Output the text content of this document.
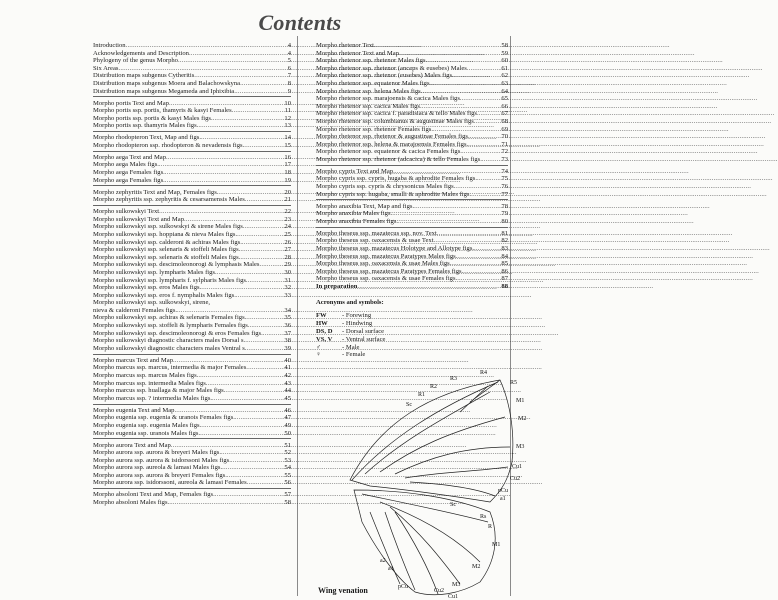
Contents
Introduction .....	4
Acknowledgements and Description .....	4
Phylogeny of the genus Morpho .....	5
Six Areas .....	6
Distribution maps subgenus Cytheritis .....	7
Distribution maps subgenus Moera and Balachowskyna .....	8
Distribution maps subgenus Megameda and Iphixibia .....	9
Morpho portis Text and Map .....	10
Morpho portis ssp. portis, thamyris & kasyi Females .....	11
Morpho portis ssp. portis & kasyi Males figs. .....	12
Morpho portis ssp. thamyris Males figs. .....	13
Morpho rhodopteron Text, Map and figs. .....	14
Morpho rhodopteron ssp. rhodopteron & nevadensis figs. .....	15
Morpho aega Text and Map .....	16
Morpho aega Males figs. .....	17
Morpho aega Females figs. .....	18
Morpho aega Females figs. .....	19
Morpho zephyritis Text and Map, Females figs. .....	20
Morpho zephyritis ssp. zephyritis & cesarsamensis Males .....	21
Morpho sulkowskyi Text .....	22
Morpho sulkowskyi Text and Map .....	23
Morpho sulkowskyi ssp. sulkowskyi & sirene Males figs. .....	24
Morpho sulkowskyi ssp. hoppiana & nieva Males figs. .....	25
Morpho sulkowskyi ssp. calderoni & achiras Males figs. .....	26
Morpho sulkowskyi ssp. selenaris & stoffeli Males figs. .....	27
Morpho sulkowskyi ssp. selenaris & stoffeli Males figs. .....	28
Morpho sulkowskyi ssp. descimoleonorogi & lymphasis Males .....	29
Morpho sulkowskyi ssp. lympharis Males figs. .....	30
Morpho sulkowskyi ssp. lympharis f. sylpharis Males figs. .....	31
Morpho sulkowskyi ssp. eros Males figs. .....	32
Morpho sulkowskyi ssp. eros f. nymphalis Males figs. .....	33
Morpho sulkowskyi ssp. sulkowskyi, sirene,
nieva & calderoni Females figs. .....	34
Morpho sulkowskyi ssp. achiras & selenaris Females figs. .....	35
Morpho sulkowskyi ssp. stoffeli & lympharis Females figs. .....	36
Morpho sulkowskyi ssp. descimoleonorogi & eros Females figs. .....	37
Morpho sulkowskyi diagnostic characters males Dorsal s. .....	38
Morpho sulkowskyi diagnostic characters males Ventral s. .....	39
Morpho marcus Text and Map .....	40
Morpho marcus ssp. marcus, intermedia & major Females .....	41
Morpho marcus ssp. marcus Males figs. .....	42
Morpho marcus ssp. intermedia Males figs. .....	43
Morpho marcus ssp. huallaga & major Males figs. .....	44
Morpho marcus ssp. ? intermedia Males figs. .....	45
Morpho eugenia Text and Map .....	46
Morpho eugenia ssp. eugenia & uranois Females figs. .....	47
Morpho eugenia ssp. eugenia Males figs. .....	49
Morpho eugenia ssp. uranois Males figs. .....	50
Morpho aurora Text and Map .....	51
Morpho aurora ssp. aurora & breyeri Males figs. .....	52
Morpho aurora ssp. aurora & isidorssoni Males figs. .....	53
Morpho aurora ssp. aureola & lamasi Males figs. .....	54
Morpho aurora ssp. aurora & breyeri Females figs. .....	55
Morpho aurora ssp. isidorssoni, aureola & lamasi Females .....	56
Morpho absoloni Text and Map, Females figs. .....	57
Morpho absoloni Males figs. .....	58
Morpho rhetenor Text .....	58
Morpho rhetenor Text and Map .....	59
Morpho rhetenor ssp. rhetenor Males figs. .....	60
Morpho rhetenor ssp. rhetenor (anceps & eusebes) Males .....	61
Morpho rhetenor ssp. rhetenor (eusebes) Males figs. .....	62
Morpho rhetenor ssp. equatenor Males figs. .....	63
Morpho rhetenor ssp. helena Males figs. .....	64
Morpho rhetenor ssp. marajoensis & cacica Males figs. .....	65
Morpho rhetenor ssp. cacica Males figs. .....	66
Morpho rhetenor ssp. cacica f. paradisiaca & tello Males figs. .....	67
Morpho rhetenor ssp. columbianus & augustinae Males figs. .....	68
Morpho rhetenor ssp. rhetenor Females figs. .....	69
Morpho rhetenor ssp. rhetenor & augustinae Females figs. .....	70
Morpho rhetenor ssp. helena & marajoensis Females figs. .....	71
Morpho rhetenor ssp. equatenor & cacica Females figs. .....	72
Morpho rhetenor ssp. rhetenor (adcacica) & tello Females figs. .....	73
Morpho cypris Text and Map .....	74
Morpho cypris ssp. cypris, hugaba & aphrodite Females figs. .....	75
Morpho cypris ssp. cypris & chrysonicus Males figs. .....	76
Morpho cypris ssp. hugaba, smalli & aphrodite Males figs. .....	77
Morpho anaxibia Text, Map and figs. .....	78
Morpho anaxibia Males figs. .....	79
Morpho anaxibia Females figs. .....	80
Morpho theseus ssp. mazatecus ssp. nov. Text .....	81
Morpho theseus ssp. oaxacensis & usae Text .....	82
Morpho theseus ssp. mazatecus Holotype and Allotype figs. .....	83
Morpho theseus ssp. mazatecus Paratypes Males figs. .....	84
Morpho theseus ssp. oaxacensis & usae Males figs. .....	85
Morpho theseus ssp. mazatecus Paratypes Females figs. .....	86
Morpho theseus ssp. oaxacensis & usae Females figs. .....	87
In preparation .....	88
Acronyms and symbols:
FW	- Forewing
HW	- Hindwing
DS, D	- Dorsal surface
VS, V	- Ventral surface
♂	- Male
♀	- Female
R4
R5
R3
R2
R1
Sc
M1
M2
M3
Cu1
Cu2
pCu
a1
Sc
Rs
R
M1
M2
M3
Cu2
Cu1
a2
a1
pCu
Wing venation
